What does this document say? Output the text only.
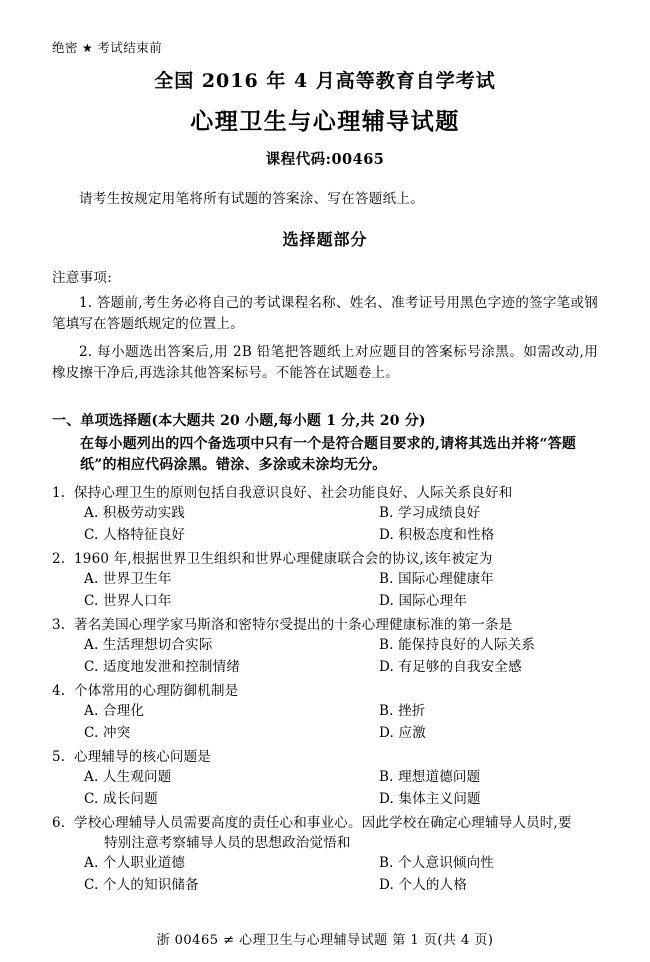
绝密 ★ 考试结束前
全国 2016 年 4 月高等教育自学考试
心理卫生与心理辅导试题
课程代码:00465
请考生按规定用笔将所有试题的答案涂、写在答题纸上。
选择题部分
注意事项:
1. 答题前,考生务必将自己的考试课程名称、姓名、准考证号用黑色字迹的签字笔或钢笔填写在答题纸规定的位置上。
2. 每小题选出答案后,用 2B 铅笔把答题纸上对应题目的答案标号涂黑。如需改动,用橡皮擦干净后,再选涂其他答案标号。不能答在试题卷上。
一、单项选择题(本大题共 20 小题,每小题 1 分,共 20 分)
在每小题列出的四个备选项中只有一个是符合题目要求的,请将其选出并将“答题纸”的相应代码涂黑。错涂、多涂或未涂均无分。
1. 保持心理卫生的原则包括自我意识良好、社会功能良好、人际关系良好和
A. 积极劳动实践	B. 学习成绩良好
C. 人格特征良好	D. 积极态度和性格
2. 1960 年,根据世界卫生组织和世界心理健康联合会的协议,该年被定为
A. 世界卫生年	B. 国际心理健康年
C. 世界人口年	D. 国际心理年
3. 著名美国心理学家马斯洛和密特尔受提出的十条心理健康标准的第一条是
A. 生活理想切合实际	B. 能保持良好的人际关系
C. 适度地发泄和控制情绪	D. 有足够的自我安全感
4. 个体常用的心理防御机制是
A. 合理化	B. 挫折
C. 冲突	D. 应激
5. 心理辅导的核心问题是
A. 人生观问题	B. 理想道德问题
C. 成长问题	D. 集体主义问题
6. 学校心理辅导人员需要高度的责任心和事业心。因此学校在确定心理辅导人员时,要
特别注意考察辅导人员的思想政治觉悟和
A. 个人职业道德	B. 个人意识倾向性
C. 个人的知识储备	D. 个人的人格
浙 00465 ≠ 心理卫生与心理辅导试题 第 1 页(共 4 页)
